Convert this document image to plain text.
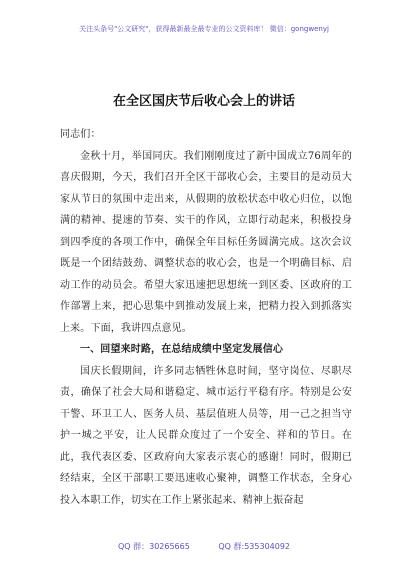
关注头条号"公文研究"，获得最新最全最专业的公文资料库！ 微信：gongwenyj
在全区国庆节后收心会上的讲话

同志们：

金秋十月，举国同庆。我们刚刚度过了新中国成立76周年的喜庆假期，今天，我们召开全区干部收心会，主要目的是动员大家从节日的氛围中走出来，从假期的放松状态中收心归位，以饱满的精神、提速的节奏、实干的作风，立即行动起来，积极投身到四季度的各项工作中，确保全年目标任务圆满完成。这次会议既是一个团结鼓劲、调整状态的收心会，也是一个明确目标、启动工作的动员会。希望大家迅速把思想统一到区委、区政府的工作部署上来，把心思集中到推动发展上来，把精力投入到抓落实上来。下面，我讲四点意见。

一、回望来时路，在总结成绩中坚定发展信心

国庆长假期间，许多同志牺牲休息时间，坚守岗位、尽职尽责，确保了社会大局和谐稳定、城市运行平稳有序。特别是公安干警、环卫工人、医务人员、基层值班人员等，用一己之担当守护一城之平安，让人民群众度过了一个安全、祥和的节日。在此，我代表区委、区政府向大家表示衷心的感谢！同时，假期已经结束，全区干部职工要迅速收心聚神，调整工作状态，全身心投入本职工作，切实在工作上紧张起来、精神上振奋起

QQ 群：30265665	QQ 群:535304092
